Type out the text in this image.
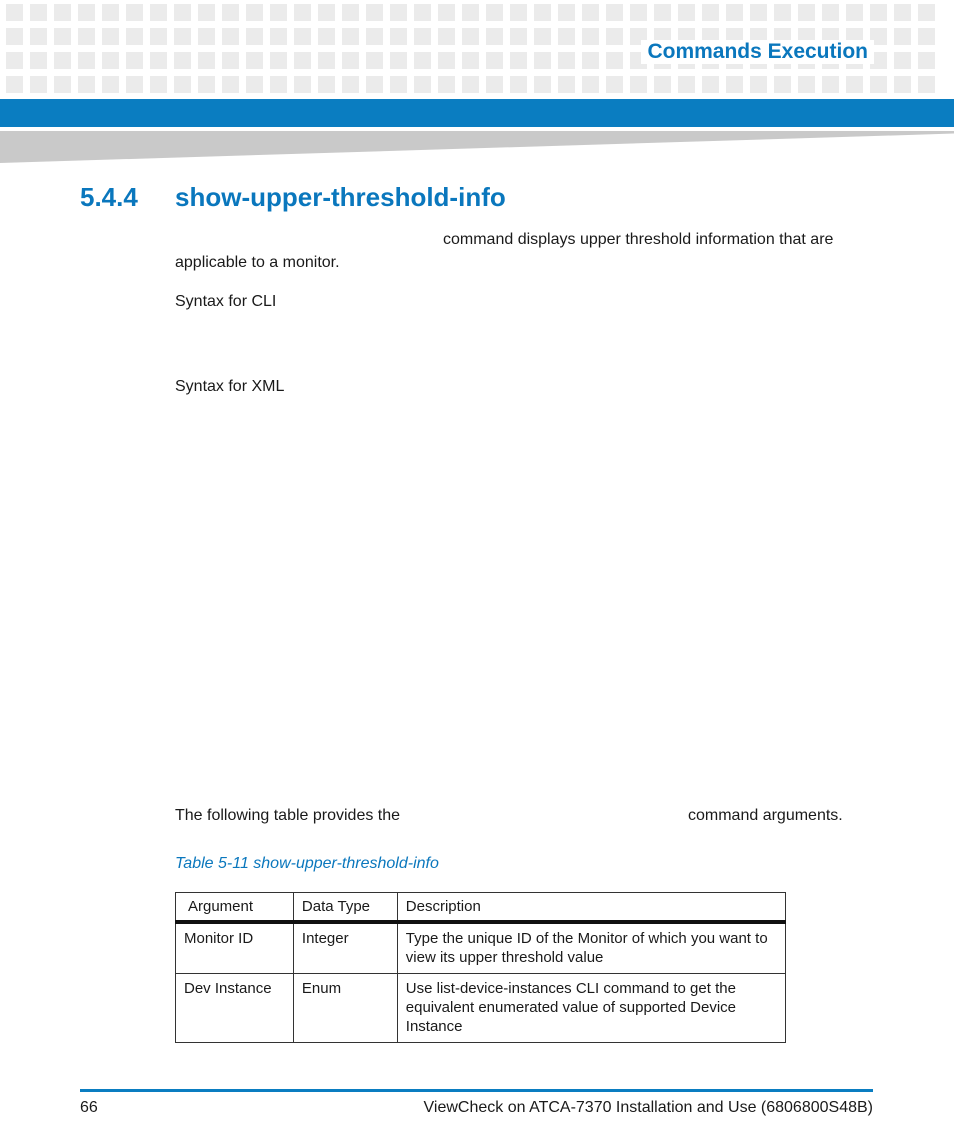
Commands Execution
5.4.4 show-upper-threshold-info
command displays upper threshold information that are
applicable to a monitor.
Syntax for CLI
Syntax for XML
The following table provides the	command arguments.
Table 5-11 show-upper-threshold-info
Argument	Data Type	Description
Monitor ID	Integer	Type the unique ID of the Monitor of which you want to view its upper threshold value
Dev Instance	Enum	Use list-device-instances CLI command to get the equivalent enumerated value of supported Device Instance
66	ViewCheck on ATCA-7370 Installation and Use (6806800S48B)
